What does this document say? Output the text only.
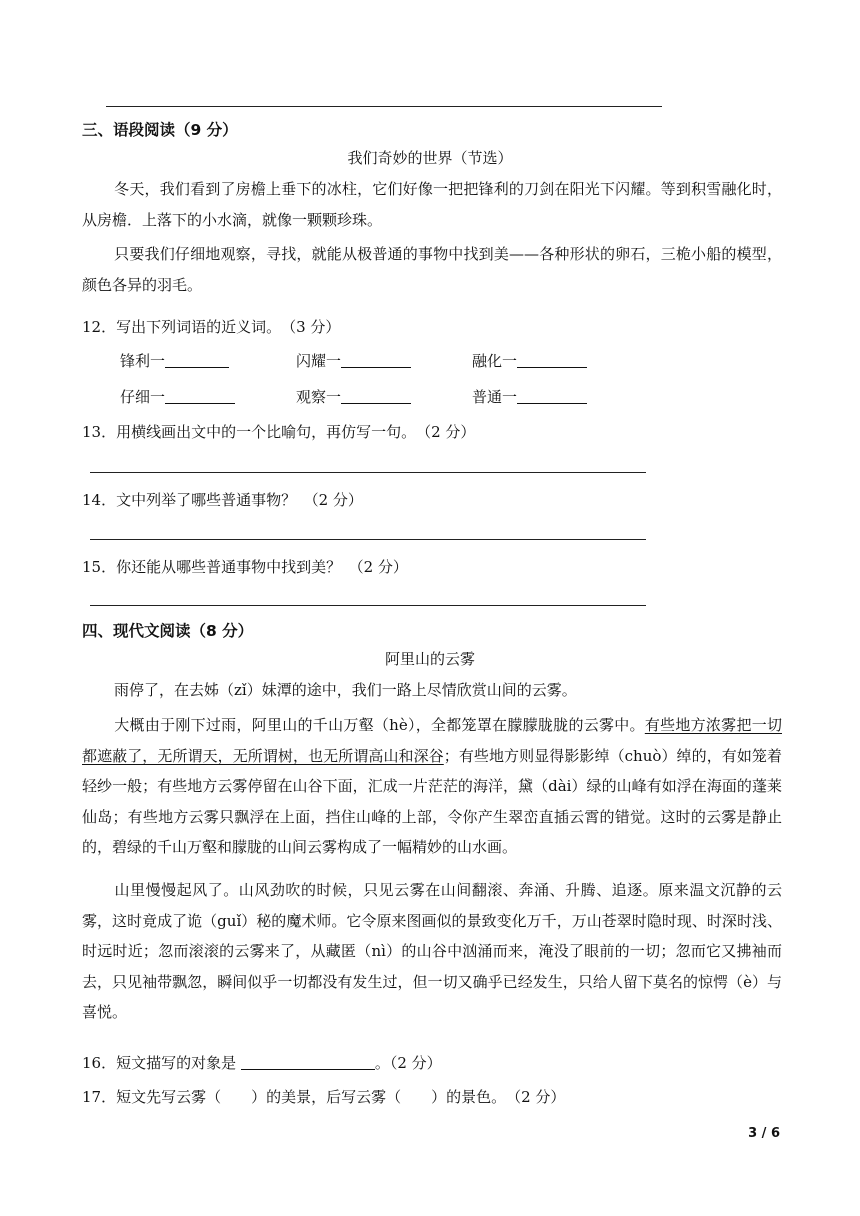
三、语段阅读（9 分）
我们奇妙的世界（节选）
冬天，我们看到了房檐上垂下的冰柱，它们好像一把把锋利的刀剑在阳光下闪耀。等到积雪融化时，从房檐．上落下的小水滴，就像一颗颗珍珠。
只要我们仔细地观察，寻找，就能从极普通的事物中找到美——各种形状的卵石，三桅小船的模型，颜色各异的羽毛。
12．写出下列词语的近义词。　（3 分）
锋利一	闪耀一	融化一
仔细一	观察一	普通一
13．用横线画出文中的一个比喻句，再仿写一句。　（2 分）
14．文中列举了哪些普通事物？　（2 分）
15．你还能从哪些普通事物中找到美？　（2 分）
四、现代文阅读（8 分）
阿里山的云雾
雨停了，在去姊（zǐ）妹潭的途中，我们一路上尽情欣赏山间的云雾。
大概由于刚下过雨，阿里山的千山万壑（hè），全都笼罩在朦朦胧胧的云雾中。有些地方浓雾把一切都遮蔽了，无所谓天，无所谓树，也无所谓高山和深谷；有些地方则显得影影绰（chuò）绰的，有如笼着轻纱一般；有些地方云雾停留在山谷下面，汇成一片茫茫的海洋，黛（dài）绿的山峰有如浮在海面的蓬莱仙岛；有些地方云雾只飘浮在上面，挡住山峰的上部，令你产生翠峦直插云霄的错觉。这时的云雾是静止的，碧绿的千山万壑和朦胧的山间云雾构成了一幅精妙的山水画。
山里慢慢起风了。山风劲吹的时候，只见云雾在山间翻滚、奔涌、升腾、追逐。原来温文沉静的云雾，这时竟成了诡（guǐ）秘的魔术师。它令原来图画似的景致变化万千，万山苍翠时隐时现、时深时浅、时远时近；忽而滚滚的云雾来了，从藏匿（nì）的山谷中汹涌而来，淹没了眼前的一切；忽而它又拂袖而去，只见袖带飘忽，瞬间似乎一切都没有发生过，但一切又确乎已经发生，只给人留下莫名的惊愕（è）与喜悦。
16．短文描写的对象是	。（2 分）
17．短文先写云雾（　　）的美景，后写云雾（　　）的景色。　（2 分）
3 / 6
